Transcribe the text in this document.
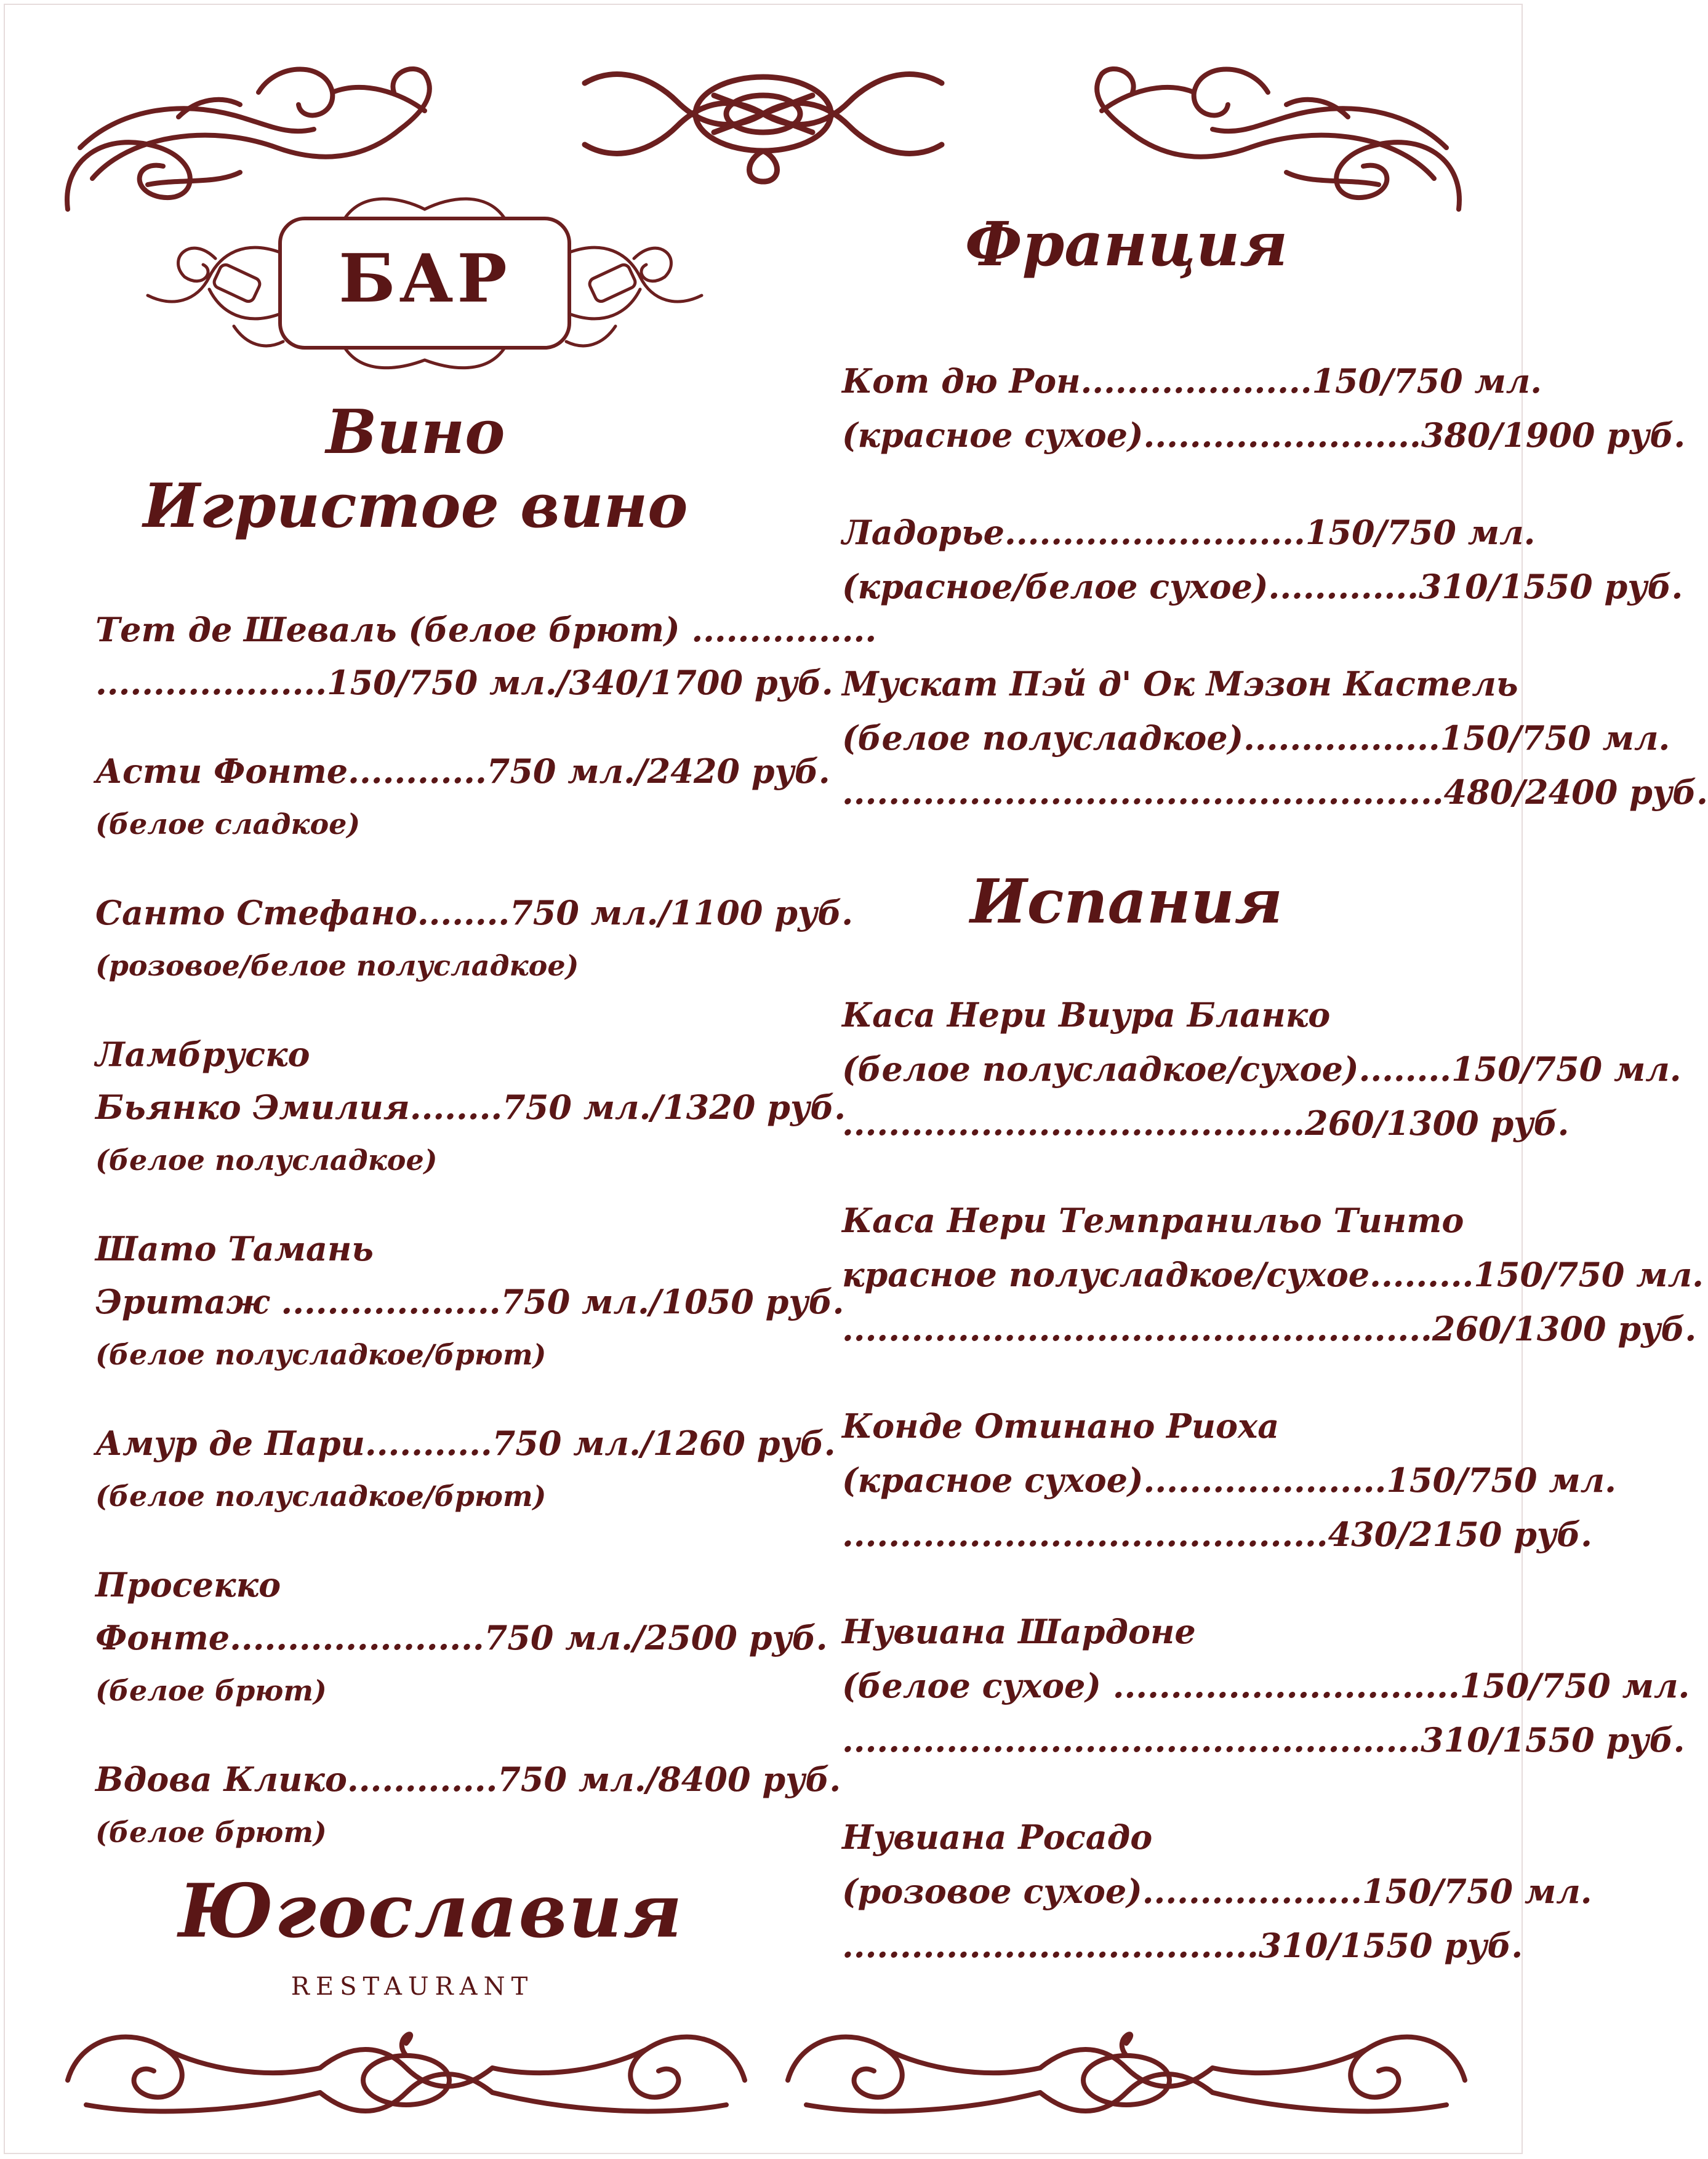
БАР
Вино
Игристое вино
Тет де Шеваль (белое брют) ................
....................150/750 мл./340/1700 руб.
Асти Фонте............750 мл./2420 руб.
(белое сладкое)
Санто Стефано........750 мл./1100 руб.
(розовое/белое полусладкое)
Ламбруско
Бьянко Эмилия........750 мл./1320 руб.
(белое полусладкое)
Шато Тамань
Эритаж ...................750 мл./1050 руб.
(белое полусладкое/брют)
Амур де Пари...........750 мл./1260 руб.
(белое полусладкое/брют)
Просекко
Фонте......................750 мл./2500 руб.
(белое брют)
Вдова Клико.............750 мл./8400 руб.
(белое брют)
Югославия
RESTAURANT
Франция
Испания
Кот дю Рон....................150/750 мл.
(красное сухое)........................380/1900 руб.
Ладорье..........................150/750 мл.
(красное/белое сухое).............310/1550 руб.
Мускат Пэй д' Ок Мэзон Кастель
(белое полусладкое).................150/750 мл.
....................................................480/2400 руб.
Каса Нери Виура Бланко
(белое полусладкое/сухое)........150/750 мл.
........................................260/1300 руб.
Каса Нери Темпранильо Тинто
красное полусладкое/сухое.........150/750 мл.
...................................................260/1300 руб.
Конде Отинано Риоха
(красное сухое).....................150/750 мл.
..........................................430/2150 руб.
Нувиана Шардоне
(белое сухое) ..............................150/750 мл.
..................................................310/1550 руб.
Нувиана Росадо
(розовое сухое)...................150/750 мл.
....................................310/1550 руб.
